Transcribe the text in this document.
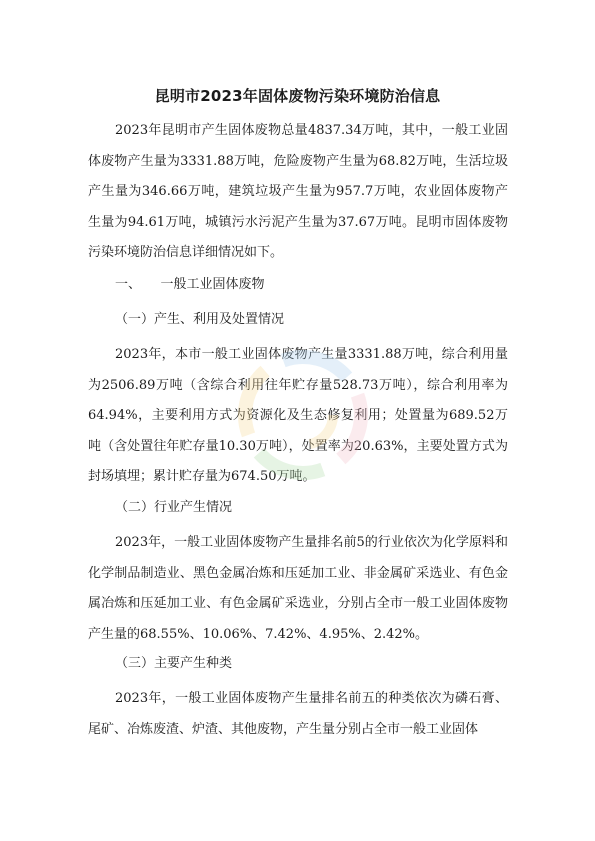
昆明市2023年固体废物污染环境防治信息

2023年昆明市产生固体废物总量4837.34万吨，其中，一般工业固体废物产生量为3331.88万吨，危险废物产生量为68.82万吨，生活垃圾产生量为346.66万吨，建筑垃圾产生量为957.7万吨，农业固体废物产生量为94.61万吨，城镇污水污泥产生量为37.67万吨。昆明市固体废物污染环境防治信息详细情况如下。

一、　　一般工业固体废物
（一）产生、利用及处置情况

2023年，本市一般工业固体废物产生量3331.88万吨，综合利用量为2506.89万吨（含综合利用往年贮存量528.73万吨），综合利用率为64.94%，主要利用方式为资源化及生态修复利用；处置量为689.52万吨（含处置往年贮存量10.30万吨），处置率为20.63%，主要处置方式为封场填埋；累计贮存量为674.50万吨。

（二）行业产生情况

2023年，一般工业固体废物产生量排名前5的行业依次为化学原料和化学制品制造业、黑色金属冶炼和压延加工业、非金属矿采选业、有色金属冶炼和压延加工业、有色金属矿采选业，分别占全市一般工业固体废物产生量的68.55%、10.06%、7.42%、4.95%、2.42%。

（三）主要产生种类

2023年，一般工业固体废物产生量排名前五的种类依次为磷石膏、尾矿、冶炼废渣、炉渣、其他废物，产生量分别占全市一般工业固体
